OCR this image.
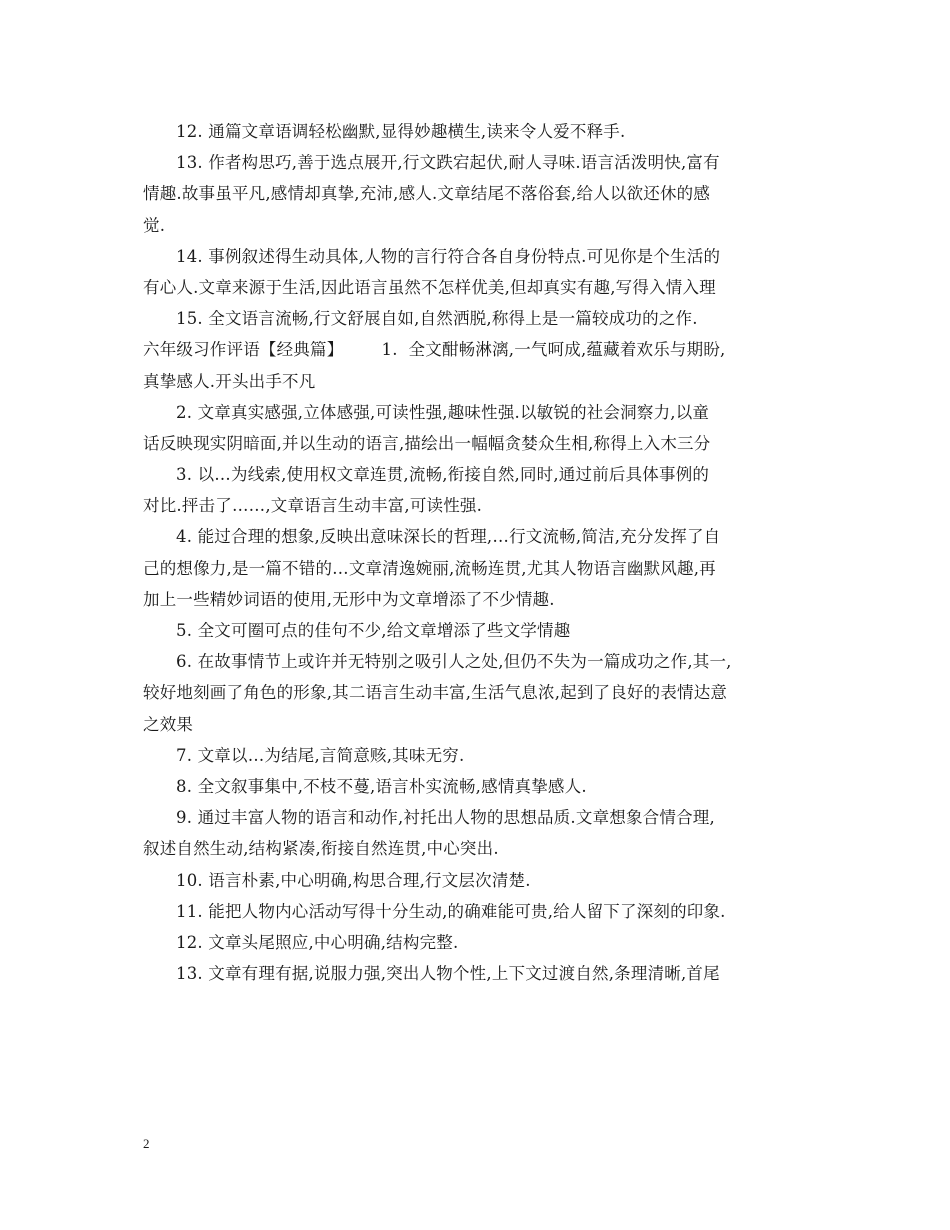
12. 通篇文章语调轻松幽默,显得妙趣横生,读来令人爱不释手.
13. 作者构思巧,善于选点展开,行文跌宕起伏,耐人寻味.语言活泼明快,富有
情趣.故事虽平凡,感情却真挚,充沛,感人.文章结尾不落俗套,给人以欲还休的感
觉.
14. 事例叙述得生动具体,人物的言行符合各自身份特点.可见你是个生活的
有心人.文章来源于生活,因此语言虽然不怎样优美,但却真实有趣,写得入情入理
15. 全文语言流畅,行文舒展自如,自然洒脱,称得上是一篇较成功的之作.
六年级习作评语【经典篇】       1.  全文酣畅淋漓,一气呵成,蕴藏着欢乐与期盼,
真挚感人.开头出手不凡
2. 文章真实感强,立体感强,可读性强,趣味性强.以敏锐的社会洞察力,以童
话反映现实阴暗面,并以生动的语言,描绘出一幅幅贪婪众生相,称得上入木三分
3. 以…为线索,使用权文章连贯,流畅,衔接自然,同时,通过前后具体事例的
对比.抨击了……,文章语言生动丰富,可读性强.
4. 能过合理的想象,反映出意味深长的哲理,…行文流畅,简洁,充分发挥了自
己的想像力,是一篇不错的…文章清逸婉丽,流畅连贯,尤其人物语言幽默风趣,再
加上一些精妙词语的使用,无形中为文章增添了不少情趣.
5. 全文可圈可点的佳句不少,给文章增添了些文学情趣
6. 在故事情节上或许并无特别之吸引人之处,但仍不失为一篇成功之作,其一,
较好地刻画了角色的形象,其二语言生动丰富,生活气息浓,起到了良好的表情达意
之效果
7. 文章以…为结尾,言简意赅,其味无穷.
8. 全文叙事集中,不枝不蔓,语言朴实流畅,感情真挚感人.
9. 通过丰富人物的语言和动作,衬托出人物的思想品质.文章想象合情合理,
叙述自然生动,结构紧凑,衔接自然连贯,中心突出.
10. 语言朴素,中心明确,构思合理,行文层次清楚.
11. 能把人物内心活动写得十分生动,的确难能可贵,给人留下了深刻的印象.
12. 文章头尾照应,中心明确,结构完整.
13. 文章有理有据,说服力强,突出人物个性,上下文过渡自然,条理清晰,首尾
2
